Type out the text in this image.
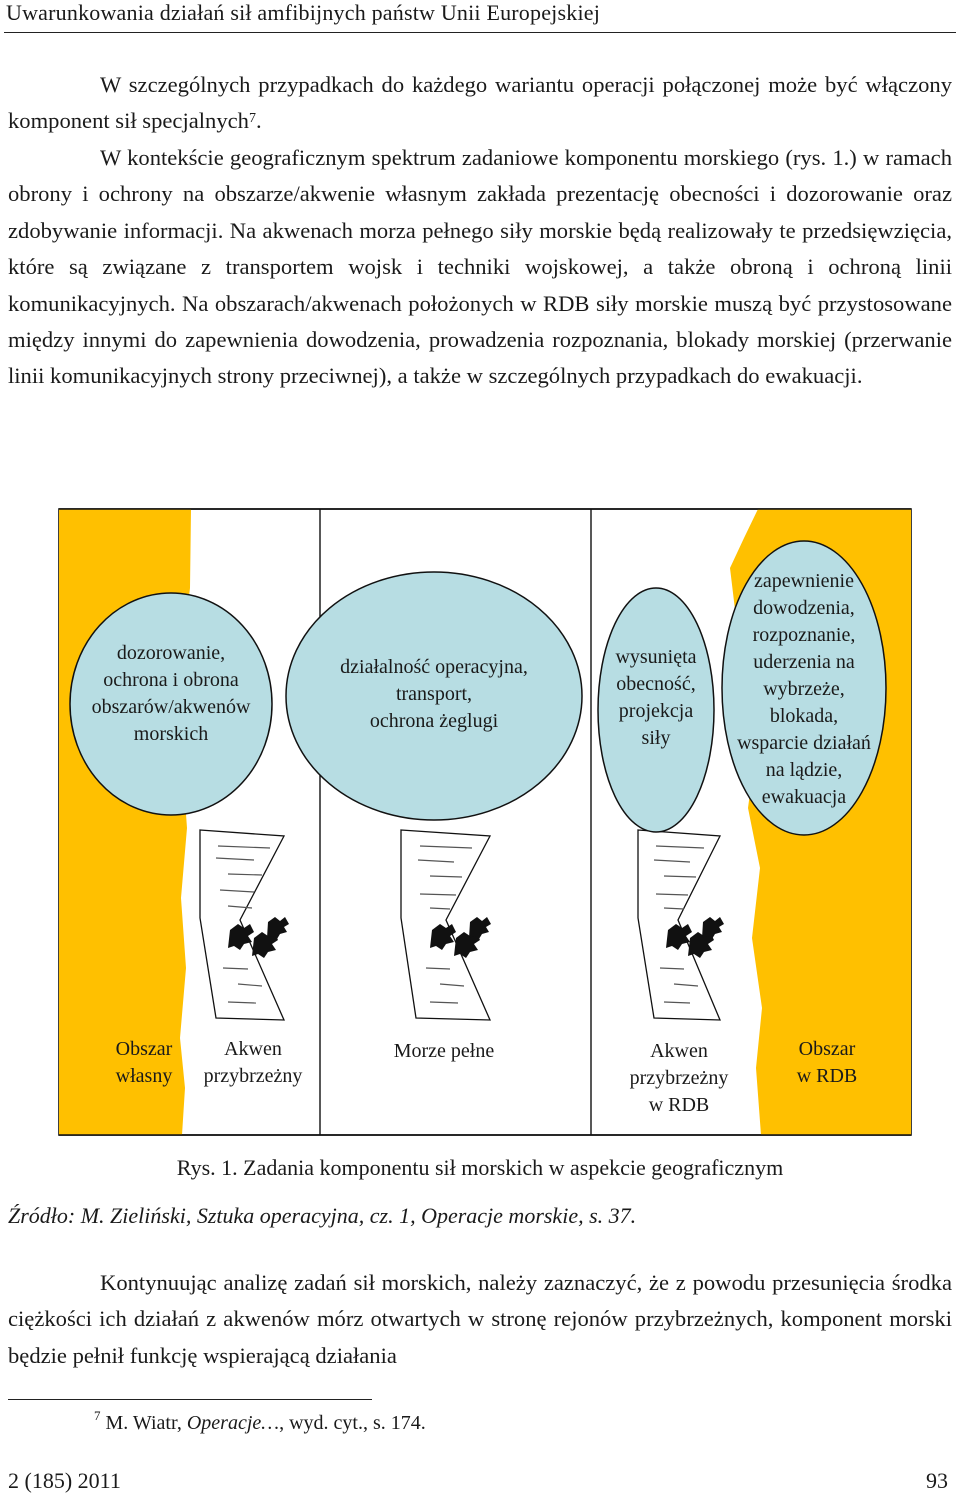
Uwarunkowania działań sił amfibijnych państw Unii Europejskiej

W szczególnych przypadkach do każdego wariantu operacji połączonej może być włączony komponent sił specjalnych$^7$.

W kontekście geograficznym spektrum zadaniowe komponentu morskiego (rys. 1.) w ramach obrony i ochrony na obszarze/akwenie własnym zakłada prezentację obecności i dozorowanie oraz zdobywanie informacji. Na akwenach morza pełnego siły morskie będą realizowały te przedsięwzięcia, które są związane z transportem wojsk i techniki wojskowej, a także obroną i ochroną linii komunikacyjnych. Na obszarach/akwenach położonych w RDB siły morskie muszą być przystosowane między innymi do zapewnienia dowodzenia, prowadzenia rozpoznania, blokady morskiej (przerwanie linii komunikacyjnych strony przeciwnej), a także w szczególnych przypadkach do ewakuacji.

dozorowanie,
ochrona i obrona
obszarów/akwenów
morskich
działalność operacyjna,
transport,
ochrona żeglugi
wysunięta
obecność,
projekcja
siły
zapewnienie
dowodzenia,
rozpoznanie,
uderzenia na
wybrzeże,
blokada,
wsparcie działań
na lądzie,
ewakuacja
Obszar
własny
Akwen
przybrzeżny
Morze pełne	Akwen
przybrzeżny
w RDB
Obszar
w RDB
Rys. 1. Zadania komponentu sił morskich w aspekcie geograficznym
Źródło: M. Zieliński, Sztuka operacyjna, cz. 1, Operacje morskie, s. 37.

Kontynuując analizę zadań sił morskich, należy zaznaczyć, że z powodu przesunięcia środka ciężkości ich działań z akwenów mórz otwartych w stronę rejonów przybrzeżnych, komponent morski będzie pełnił funkcję wspierającą działania

$^7$ M. Wiatr, Operacje…, wyd. cyt., s. 174.
2 (185) 2011	93
